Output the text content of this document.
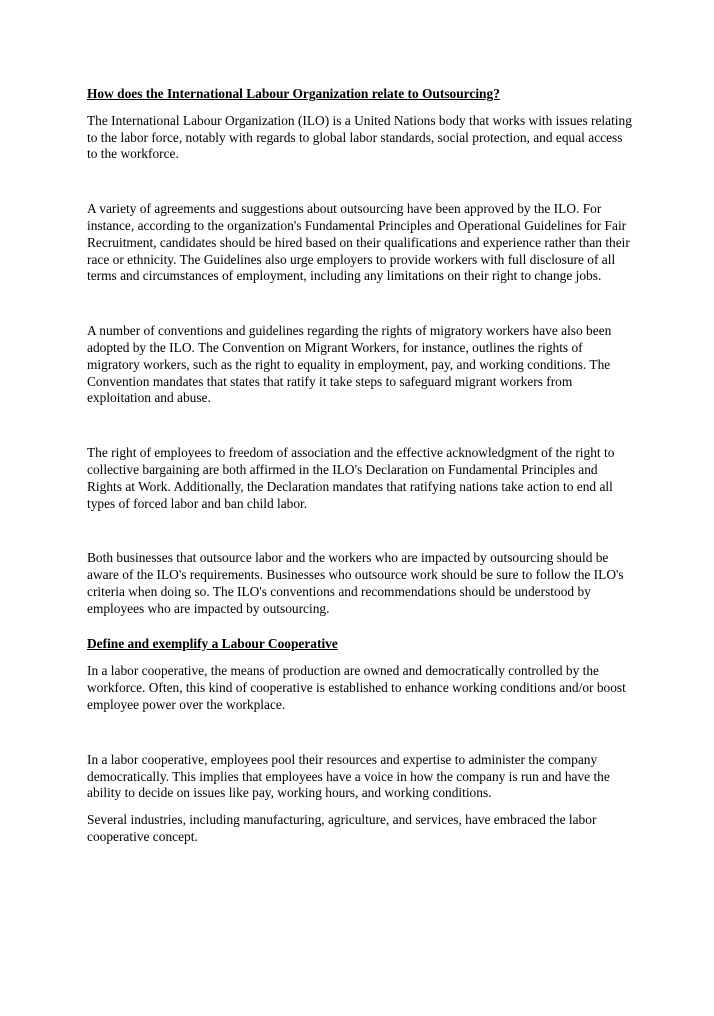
How does the International Labour Organization relate to Outsourcing?

The International Labour Organization (ILO) is a United Nations body that works with issues relating to the labor force, notably with regards to global labor standards, social protection, and equal access to the workforce.

A variety of agreements and suggestions about outsourcing have been approved by the ILO. For instance, according to the organization's Fundamental Principles and Operational Guidelines for Fair Recruitment, candidates should be hired based on their qualifications and experience rather than their race or ethnicity. The Guidelines also urge employers to provide workers with full disclosure of all terms and circumstances of employment, including any limitations on their right to change jobs.

A number of conventions and guidelines regarding the rights of migratory workers have also been adopted by the ILO. The Convention on Migrant Workers, for instance, outlines the rights of migratory workers, such as the right to equality in employment, pay, and working conditions. The Convention mandates that states that ratify it take steps to safeguard migrant workers from exploitation and abuse.

The right of employees to freedom of association and the effective acknowledgment of the right to collective bargaining are both affirmed in the ILO's Declaration on Fundamental Principles and Rights at Work. Additionally, the Declaration mandates that ratifying nations take action to end all types of forced labor and ban child labor.

Both businesses that outsource labor and the workers who are impacted by outsourcing should be aware of the ILO's requirements. Businesses who outsource work should be sure to follow the ILO's criteria when doing so. The ILO's conventions and recommendations should be understood by employees who are impacted by outsourcing.

Define and exemplify a Labour Cooperative

In a labor cooperative, the means of production are owned and democratically controlled by the workforce. Often, this kind of cooperative is established to enhance working conditions and/or boost employee power over the workplace.

In a labor cooperative, employees pool their resources and expertise to administer the company democratically. This implies that employees have a voice in how the company is run and have the ability to decide on issues like pay, working hours, and working conditions.

Several industries, including manufacturing, agriculture, and services, have embraced the labor cooperative concept.
